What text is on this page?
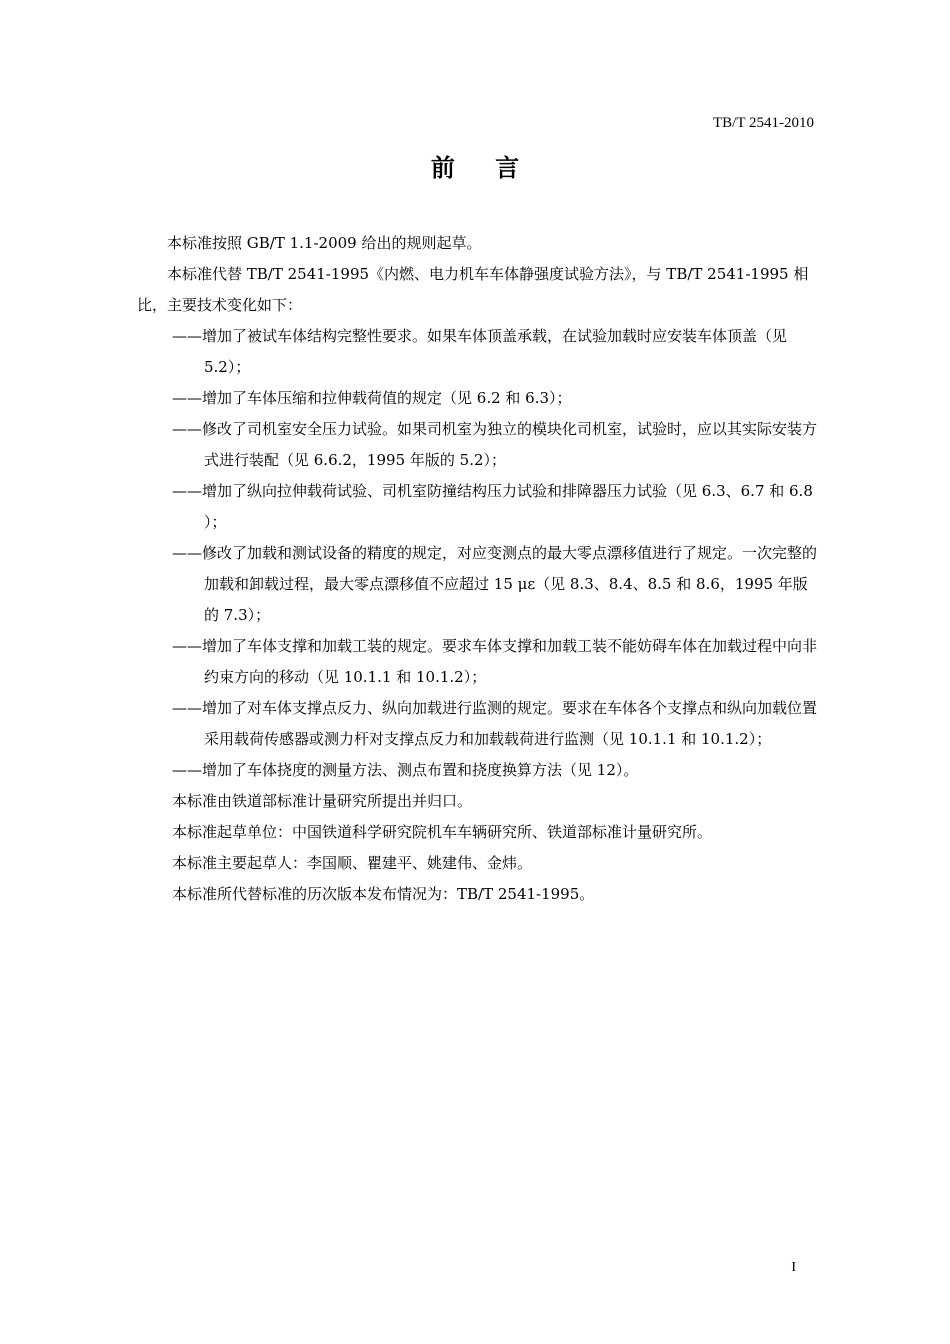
TB/T 2541-2010
前 言

本标准按照 GB/T 1.1-2009 给出的规则起草。

本标准代替 TB/T 2541-1995《内燃、电力机车车体静强度试验方法》，与 TB/T 2541-1995 相比，主要技术变化如下：

——增加了被试车体结构完整性要求。如果车体顶盖承载，在试验加载时应安装车体顶盖（见 5.2）；

——增加了车体压缩和拉伸载荷值的规定（见 6.2 和 6.3）；

——修改了司机室安全压力试验。如果司机室为独立的模块化司机室，试验时，应以其实际安装方式进行装配（见 6.6.2，1995 年版的 5.2）；

——增加了纵向拉伸载荷试验、司机室防撞结构压力试验和排障器压力试验（见 6.3、6.7 和 6.8 ）；

——修改了加载和测试设备的精度的规定，对应变测点的最大零点漂移值进行了规定。一次完整的加载和卸载过程，最大零点漂移值不应超过 15 με（见 8.3、8.4、8.5 和 8.6，1995 年版的 7.3）；

——增加了车体支撑和加载工装的规定。要求车体支撑和加载工装不能妨碍车体在加载过程中向非约束方向的移动（见 10.1.1 和 10.1.2）；

——增加了对车体支撑点反力、纵向加载进行监测的规定。要求在车体各个支撑点和纵向加载位置采用载荷传感器或测力杆对支撑点反力和加载载荷进行监测（见 10.1.1 和 10.1.2）；

——增加了车体挠度的测量方法、测点布置和挠度换算方法（见 12）。

本标准由铁道部标准计量研究所提出并归口。

本标准起草单位：中国铁道科学研究院机车车辆研究所、铁道部标准计量研究所。

本标准主要起草人：李国顺、瞿建平、姚建伟、金炜。

本标准所代替标准的历次版本发布情况为：TB/T 2541-1995。

I
